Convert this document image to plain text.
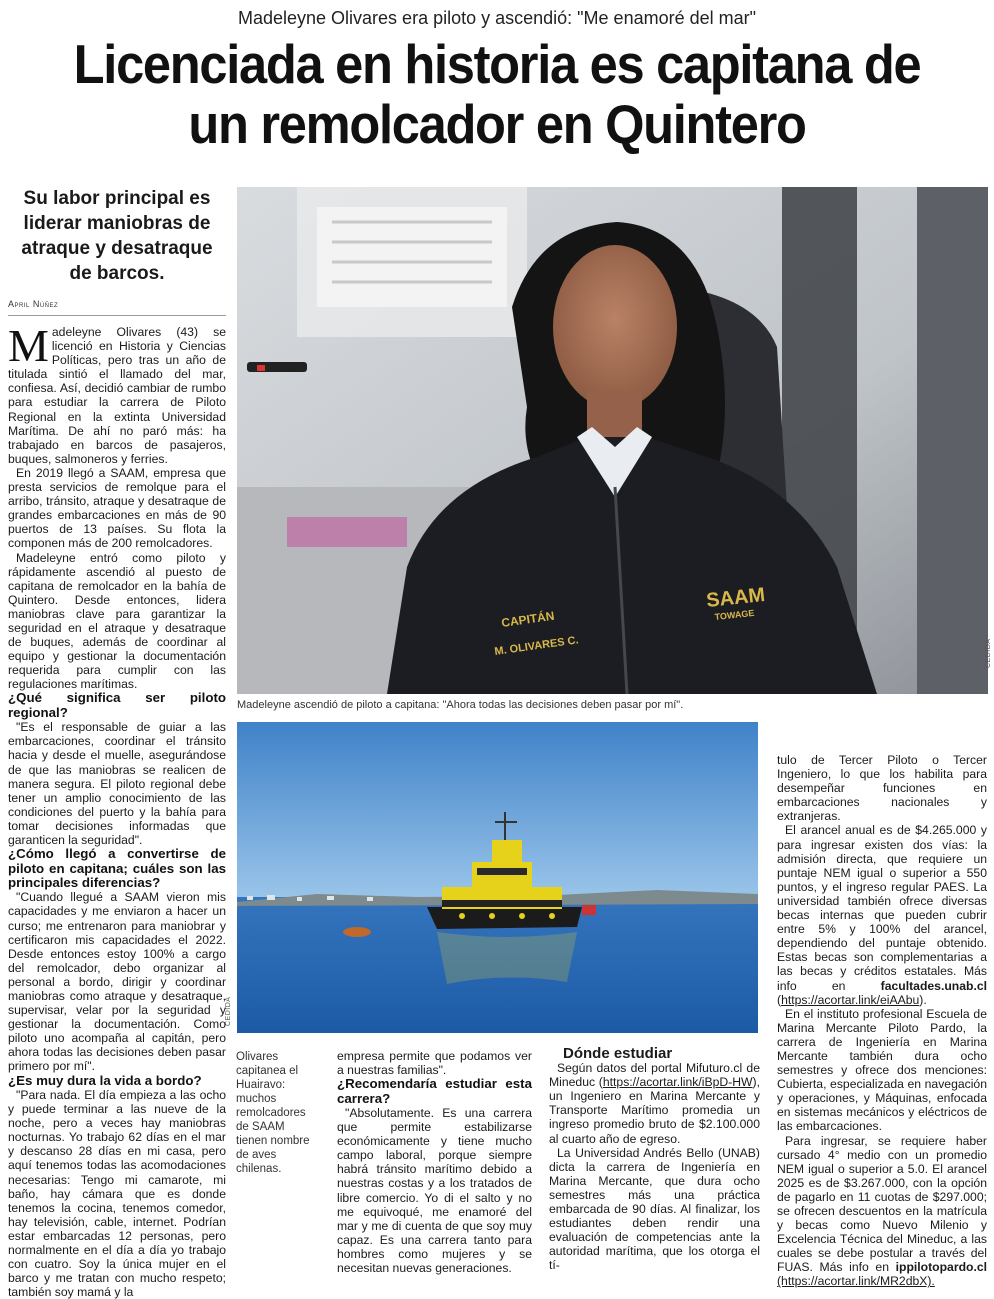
Madeleyne Olivares era piloto y ascendió: "Me enamoré del mar"
Licenciada en historia es capitana de
un remolcador en Quintero
Su labor principal es liderar maniobras de atraque y desatraque de barcos.
April Núñez
CAPITÁN
M. OLIVARES C.
SAAM
TOWAGE
CEDIDA
Madeleyne ascendió de piloto a capitana: "Ahora todas las decisiones deben pasar por mí".
CEDIDA

Madeleyne Olivares (43) se licenció en Historia y Ciencias Políticas, pero tras un año de titulada sintió el llamado del mar, confiesa. Así, decidió cambiar de rumbo para estudiar la carrera de Piloto Regional en la extinta Universidad Marítima. De ahí no paró más: ha trabajado en barcos de pasajeros, buques, salmoneros y ferries.

En 2019 llegó a SAAM, empresa que presta servicios de remolque para el arribo, tránsito, atraque y desatraque de grandes embarcaciones en más de 90 puertos de 13 países. Su flota la componen más de 200 remolcadores.

Madeleyne entró como piloto y rápidamente ascendió al puesto de capitana de remolcador en la bahía de Quintero. Desde entonces, lidera maniobras clave para garantizar la seguridad en el atraque y desatraque de buques, además de coordinar al equipo y gestionar la documentación requerida para cumplir con las regulaciones marítimas.

¿Qué significa ser piloto regional?

"Es el responsable de guiar a las embarcaciones, coordinar el tránsito hacia y desde el muelle, asegurándose de que las maniobras se realicen de manera segura. El piloto regional debe tener un amplio conocimiento de las condiciones del puerto y la bahía para tomar decisiones informadas que garanticen la seguridad".

¿Cómo llegó a convertirse de piloto en capitana; cuáles son las principales diferencias?

"Cuando llegué a SAAM vieron mis capacidades y me enviaron a hacer un curso; me entrenaron para maniobrar y certificaron mis capacidades el 2022. Desde entonces estoy 100% a cargo del remolcador, debo organizar al personal a bordo, dirigir y coordinar maniobras como atraque y desatraque, supervisar, velar por la seguridad y gestionar la documentación. Como piloto uno acompaña al capitán, pero ahora todas las decisiones deben pasar primero por mí".

¿Es muy dura la vida a bordo?

"Para nada. El día empieza a las ocho y puede terminar a las nueve de la noche, pero a veces hay maniobras nocturnas. Yo trabajo 62 días en el mar y descanso 28 días en mi casa, pero aquí tenemos todas las acomodaciones necesarias: Tengo mi camarote, mi baño, hay cámara que es donde tenemos la cocina, tenemos comedor, hay televisión, cable, internet. Podrían estar embarcadas 12 personas, pero normalmente en el día a día yo trabajo con cuatro. Soy la única mujer en el barco y me tratan con mucho respeto; también soy mamá y la

Olivares capitanea el Huairavo: muchos remolcadores de SAAM tienen nombre de aves chilenas.

empresa permite que podamos ver a nuestras familias".

¿Recomendaría estudiar esta carrera?

"Absolutamente. Es una carrera que permite estabilizarse económicamente y tiene mucho campo laboral, porque siempre habrá tránsito marítimo debido a nuestras costas y a los tratados de libre comercio. Yo di el salto y no me equivoqué, me enamoré del mar y me di cuenta de que soy muy capaz. Es una carrera tanto para hombres como mujeres y se necesitan nuevas generaciones.

Dónde estudiar

Según datos del portal Mifuturo.cl de Mineduc (https://acortar.link/iBpD-HW), un Ingeniero en Marina Mercante y Transporte Marítimo promedia un ingreso promedio bruto de $2.100.000 al cuarto año de egreso.

La Universidad Andrés Bello (UNAB) dicta la carrera de Ingeniería en Marina Mercante, que dura ocho semestres más una práctica embarcada de 90 días. Al finalizar, los estudiantes deben rendir una evaluación de competencias ante la autoridad marítima, que los otorga el tí-

tulo de Tercer Piloto o Tercer Ingeniero, lo que los habilita para desempeñar funciones en embarcaciones nacionales y extranjeras.

El arancel anual es de $4.265.000 y para ingresar existen dos vías: la admisión directa, que requiere un puntaje NEM igual o superior a 550 puntos, y el ingreso regular PAES. La universidad también ofrece diversas becas internas que pueden cubrir entre 5% y 100% del arancel, dependiendo del puntaje obtenido. Estas becas son complementarias a las becas y créditos estatales. Más info en	facultades.unab.cl (https://acortar.link/eiAAbu).

En el instituto profesional Escuela de Marina Mercante Piloto Pardo, la carrera de Ingeniería en Marina Mercante también dura ocho semestres y ofrece dos menciones: Cubierta, especializada en navegación y operaciones, y Máquinas, enfocada en sistemas mecánicos y eléctricos de las embarcaciones.

Para ingresar, se requiere haber cursado 4° medio con un promedio NEM igual o superior a 5.0. El arancel 2025 es de $3.267.000, con la opción de pagarlo en 11 cuotas de $297.000; se ofrecen descuentos en la matrícula y becas como Nuevo Milenio y Excelencia Técnica del Mineduc, a las cuales se debe postular a través del FUAS. Más info en ippilotopardo.cl (https://acortar.link/MR2dbX).
